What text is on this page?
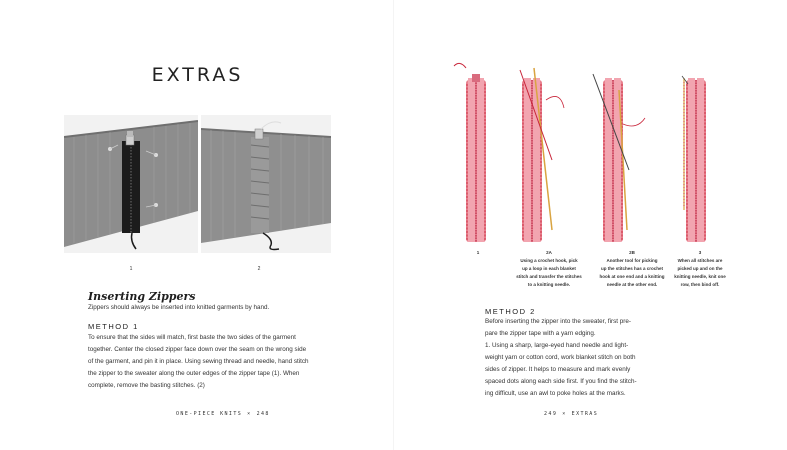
EXTRAS
1	2
Inserting Zippers
Zippers should always be inserted into knitted garments by hand.
METHOD 1
To ensure that the sides will match, first baste the two sides of the garment
together. Center the closed zipper face down over the seam on the wrong side
of the garment, and pin it in place. Using sewing thread and needle, hand stitch
the zipper to the sweater along the outer edges of the zipper tape (1). When
complete, remove the basting stitches. (2)
ONE-PIECE KNITS × 248
1	2A
Using a crochet hook, pick
up a loop in each blanket
stitch and transfer the stitches
to a knitting needle.
2B
Another tool for picking
up the stitches has a crochet
hook at one end and a knitting
needle at the other end.
3
When all stitches are
picked up and on the
knitting needle, knit one
row, then bind off.
METHOD 2
Before inserting the zipper into the sweater, first pre-
pare the zipper tape with a yarn edging.
1. Using a sharp, large-eyed hand needle and light-
weight yarn or cotton cord, work blanket stitch on both
sides of zipper. It helps to measure and mark evenly
spaced dots along each side first. If you find the stitch-
ing difficult, use an awl to poke holes at the marks.
249 × EXTRAS
